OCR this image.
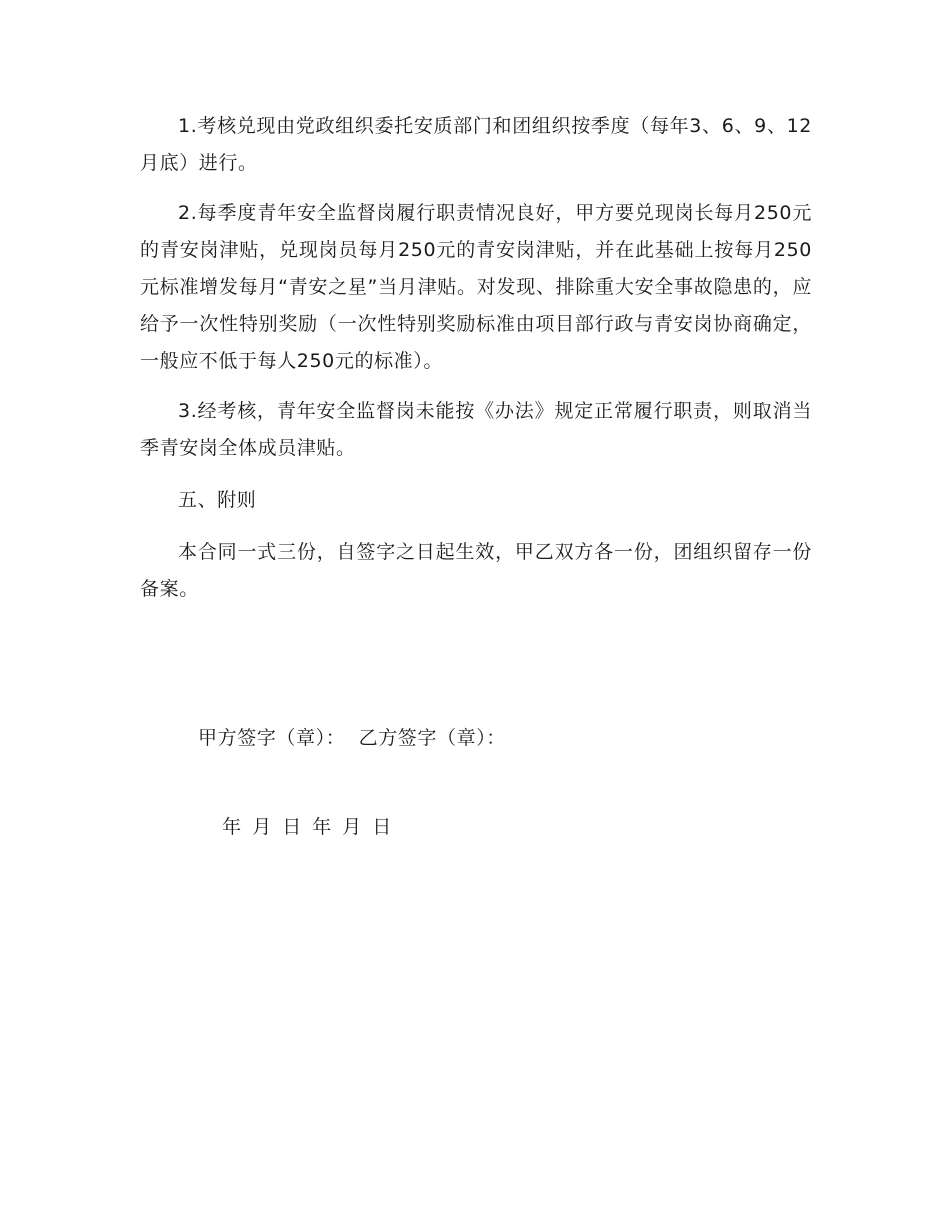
1.考核兑现由党政组织委托安质部门和团组织按季度（每年3、6、9、12月底）进行。

2.每季度青年安全监督岗履行职责情况良好，甲方要兑现岗长每月250元的青安岗津贴，兑现岗员每月250元的青安岗津贴，并在此基础上按每月250元标准增发每月“青安之星”当月津贴。对发现、排除重大安全事故隐患的，应给予一次性特别奖励（一次性特别奖励标准由项目部行政与青安岗协商确定，一般应不低于每人250元的标准）。

3.经考核，青年安全监督岗未能按《办法》规定正常履行职责，则取消当季青安岗全体成员津贴。

五、附则

本合同一式三份，自签字之日起生效，甲乙双方各一份，团组织留存一份备案。

甲方签字（章）： 乙方签字（章）：

年 月 日 年 月 日
